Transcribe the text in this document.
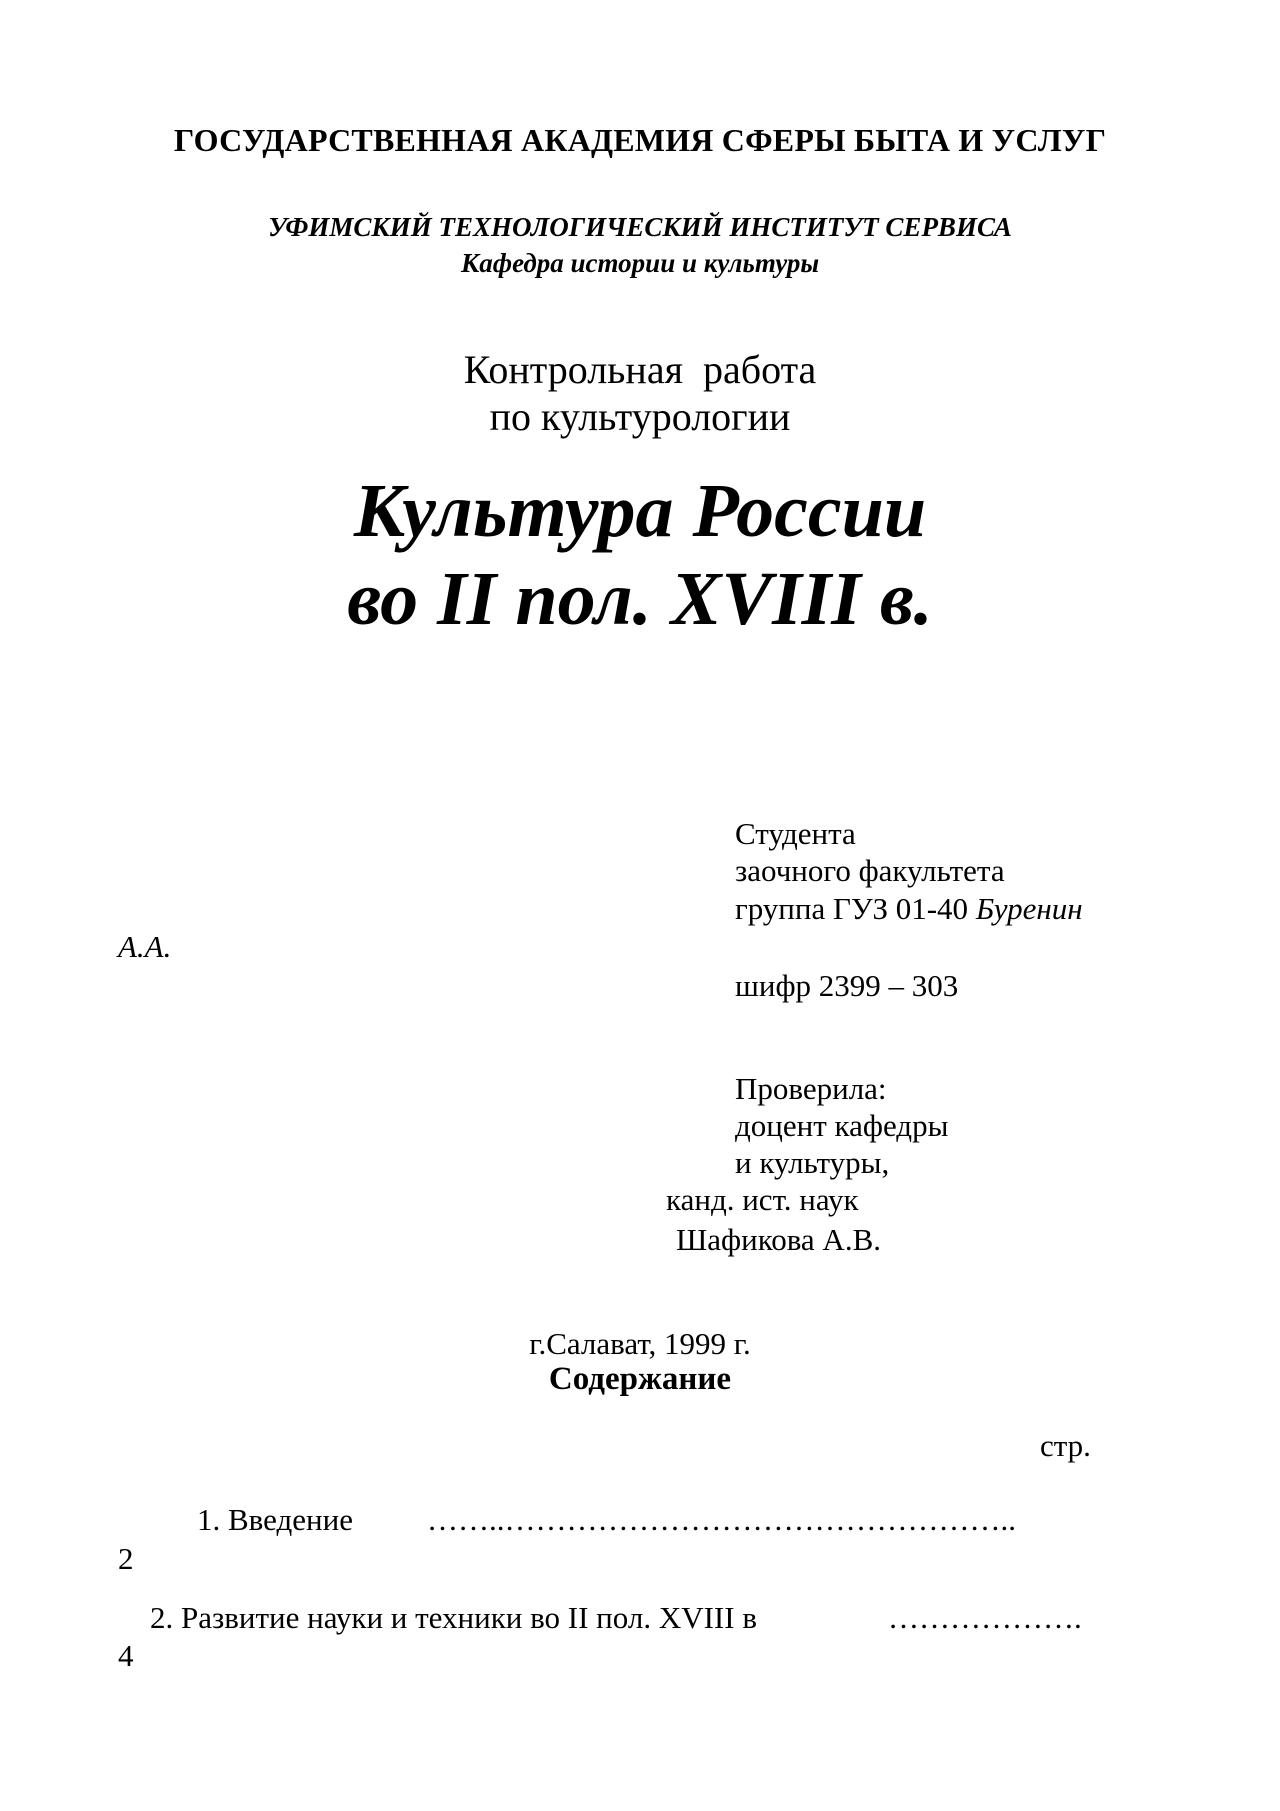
ГОСУДАРСТВЕННАЯ АКАДЕМИЯ СФЕРЫ БЫТА И УСЛУГ
УФИМСКИЙ ТЕХНОЛОГИЧЕСКИЙ ИНСТИТУТ СЕРВИСА
Кафедра истории и культуры
Контрольная  работа
по культурологии
Культура России
во II пол. XVIII в.
Студента
заочного факультета
группа ГУЗ 01-40 Буренин
А.А.
шифр 2399 – 303
Проверила:
доцент кафедры
и культуры,
канд. ист. наук
Шафикова А.В.
г.Салават, 1999 г.
Содержание
стр.
1. Введение ……..…………………………………………..
2
2. Развитие науки и техники во II пол. XVIII в	……………….
4
